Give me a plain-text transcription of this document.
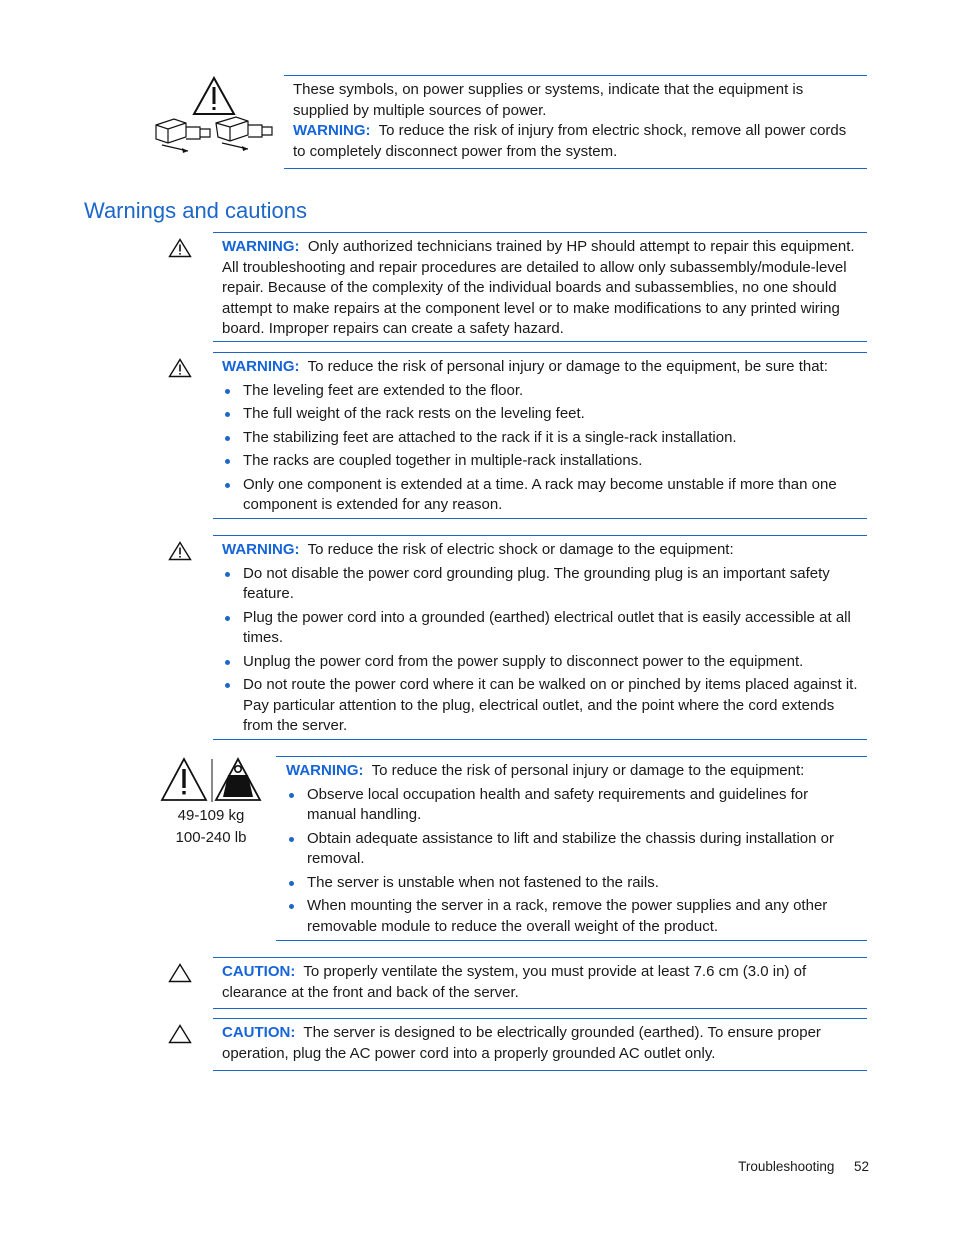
These symbols, on power supplies or systems, indicate that the equipment is supplied by multiple sources of power.
WARNING: To reduce the risk of injury from electric shock, remove all power cords to completely disconnect power from the system.

Warnings and cautions

WARNING: Only authorized technicians trained by HP should attempt to repair this equipment. All troubleshooting and repair procedures are detailed to allow only subassembly/module-level repair. Because of the complexity of the individual boards and subassemblies, no one should attempt to make repairs at the component level or to make modifications to any printed wiring board. Improper repairs can create a safety hazard.

WARNING: To reduce the risk of personal injury or damage to the equipment, be sure that:

The leveling feet are extended to the floor.
The full weight of the rack rests on the leveling feet.
The stabilizing feet are attached to the rack if it is a single-rack installation.
The racks are coupled together in multiple-rack installations.
Only one component is extended at a time. A rack may become unstable if more than one component is extended for any reason.

WARNING: To reduce the risk of electric shock or damage to the equipment:

Do not disable the power cord grounding plug. The grounding plug is an important safety feature.
Plug the power cord into a grounded (earthed) electrical outlet that is easily accessible at all times.
Unplug the power cord from the power supply to disconnect power to the equipment.
Do not route the power cord where it can be walked on or pinched by items placed against it. Pay particular attention to the plug, electrical outlet, and the point where the cord extends from the server.
49-109 kg
100-240 lb

WARNING: To reduce the risk of personal injury or damage to the equipment:

Observe local occupation health and safety requirements and guidelines for manual handling.
Obtain adequate assistance to lift and stabilize the chassis during installation or removal.
The server is unstable when not fastened to the rails.
When mounting the server in a rack, remove the power supplies and any other removable module to reduce the overall weight of the product.

CAUTION: To properly ventilate the system, you must provide at least 7.6 cm (3.0 in) of clearance at the front and back of the server.

CAUTION: The server is designed to be electrically grounded (earthed). To ensure proper operation, plug the AC power cord into a properly grounded AC outlet only.

Troubleshooting 52
